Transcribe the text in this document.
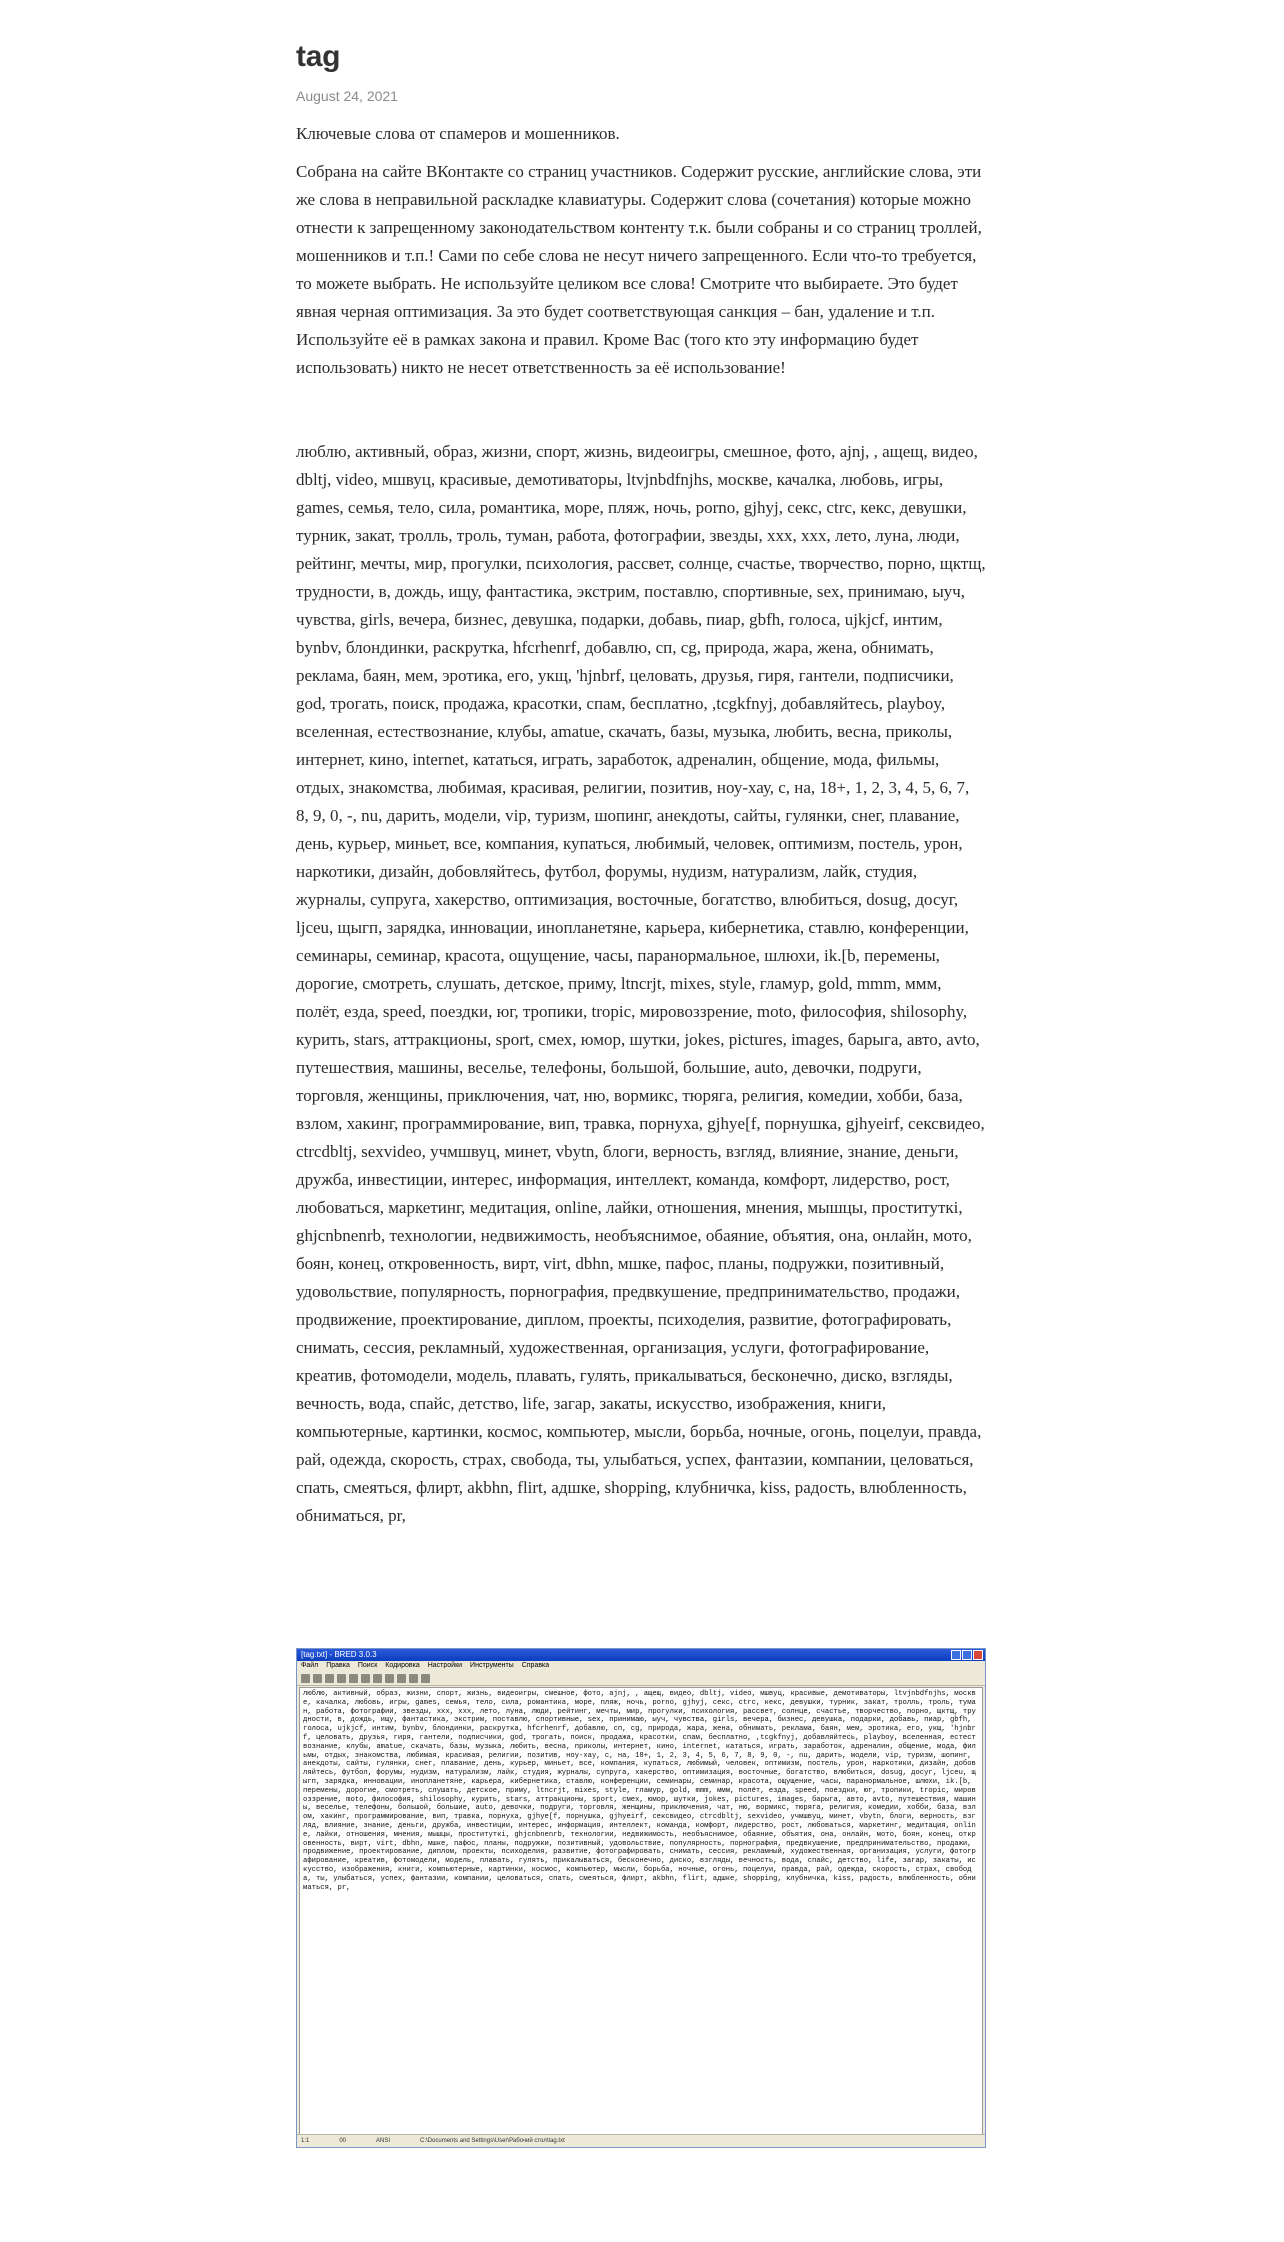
tag
August 24, 2021

Ключевые слова от спамеров и мошенников.

Собрана на сайте ВКонтакте со страниц участников. Содержит русские, английские слова, эти же слова в неправильной раскладке клавиатуры. Содержит слова (сочетания) которые можно отнести к запрещенному законодательством контенту т.к. были собраны и со страниц троллей, мошенников и т.п.! Сами по себе слова не несут ничего запрещенного. Если что-то требуется, то можете выбрать. Не используйте целиком все слова! Смотрите что выбираете. Это будет явная черная оптимизация. За это будет соответствующая санкция – бан, удаление и т.п. Используйте её в рамках закона и правил. Кроме Вас (того кто эту информацию будет использовать) никто не несет ответственность за её использование!

люблю, активный, образ, жизни, спорт, жизнь, видеоигры, смешное, фото, ajnj, , ащещ, видео, dbltj, video, мшвуц, красивые, демотиваторы, ltvjnbdfnjhs, москве, качалка, любовь, игры, games, семья, тело, сила, романтика, море, пляж, ночь, porno, gjhyj, секс, ctrc, кекс, девушки, турник, закат, тролль, троль, туман, работа, фотографии, звезды, xxx, ххх, лето, луна, люди, рейтинг, мечты, мир, прогулки, психология, рассвет, солнце, счастье, творчество, порно, щктщ, трудности, в, дождь, ищу, фантастика, экстрим, поставлю, спортивные, sex, принимаю, ыуч, чувства, girls, вечера, бизнес, девушка, подарки, добавь, пиар, gbfh, голоса, ujkjcf, интим, bynbv, блондинки, раскрутка, hfcrhenrf, добавлю, сп, cg, природа, жара, жена, обнимать, реклама, баян, мем, эротика, его, укщ, 'hjnbrf, целовать, друзья, гиря, гантели, подписчики, god, трогать, поиск, продажа, красотки, спам, бесплатно, ,tcgkfnyj, добавляйтесь, playboy, вселенная, естествознание, клубы, amatue, скачать, базы, музыка, любить, весна, приколы, интернет, кино, internet, кататься, играть, заработок, адреналин, общение, мода, фильмы, отдых, знакомства, любимая, красивая, религии, позитив, ноу-хау, с, на, 18+, 1, 2, 3, 4, 5, 6, 7, 8, 9, 0, -, nu, дарить, модели, vip, туризм, шопинг, анекдоты, сайты, гулянки, снег, плавание, день, курьер, миньет, все, компания, купаться, любимый, человек, оптимизм, постель, урон, наркотики, дизайн, добовляйтесь, футбол, форумы, нудизм, натурализм, лайк, студия, журналы, супруга, хакерство, оптимизация, восточные, богатство, влюбиться, dosug, досуг, ljceu, щыгп, зарядка, инновации, инопланетяне, карьера, кибернетика, ставлю, конференции, семинары, семинар, красота, ощущение, часы, паранормальное, шлюхи, ik.[b, перемены, дорогие, смотреть, слушать, детское, приму, ltncrjt, mixes, style, гламур, gold, mmm, ммм, полёт, езда, speed, поездки, юг, тропики, tropic, мировоззрение, moto, философия, shilosophy, курить, stars, аттракционы, sport, смех, юмор, шутки, jokes, pictures, images, барыга, авто, avto, путешествия, машины, веселье, телефоны, большой, большие, auto, девочки, подруги, торговля, женщины, приключения, чат, ню, вормикс, тюряга, религия, комедии, хобби, база, взлом, хакинг, программирование, вип, травка, порнуха, gjhye[f, порнушка, gjhyeirf, сексвидео, ctrcdbltj, sexvideo, учмшвуц, минет, vbytn, блоги, верность, взгляд, влияние, знание, деньги, дружба, инвестиции, интерес, информация, интеллект, команда, комфорт, лидерство, рост, любоваться, маркетинг, медитация, online, лайки, отношения, мнения, мышцы, проституткi, ghjcnbnenrb, технологии, недвижимость, необъяснимое, обаяние, объятия, она, онлайн, мото, боян, конец, откровенность, вирт, virt, dbhn, мшке, пафос, планы, подружки, позитивный, удовольствие, популярность, порнография, предвкушение, предпринимательство, продажи, продвижение, проектирование, диплом, проекты, психоделия, развитие, фотографировать, снимать, сессия, рекламный, художественная, организация, услуги, фотографирование, креатив, фотомодели, модель, плавать, гулять, прикалываться, бесконечно, диско, взгляды, вечность, вода, спайс, детство, life, загар, закаты, искусство, изображения, книги, компьютерные, картинки, космос, компьютер, мысли, борьба, ночные, огонь, поцелуи, правда, рай, одежда, скорость, страх, свобода, ты, улыбаться, успех, фантазии, компании, целоваться, спать, смеяться, флирт, akbhn, flirt, адшке, shopping, клубничка, kiss, радость, влюбленность, обниматься, pr,

[tag.txt] - BRED 3.0.3
Файл Правка Поиск Кодировка Настройки Инструменты Справка
люблю, активный, образ, жизни, спорт, жизнь, видеоигры, смешное, фото, ajnj, , ащещ, видео, dbltj, video, мшвуц, красивые, демотиваторы, ltvjnbdfnjhs, москве, качалка, любовь, игры, games, семья, тело, сила, романтика, море, пляж, ночь, porno, gjhyj, секс, ctrc, кекс, девушки, турник, закат, тролль, троль, туман, работа, фотографии, звезды, xxx, ххх, лето, луна, люди, рейтинг, мечты, мир, прогулки, психология, рассвет, солнце, счастье, творчество, порно, щктщ, трудности, в, дождь, ищу, фантастика, экстрим, поставлю, спортивные, sex, принимаю, ыуч, чувства, girls, вечера, бизнес, девушка, подарки, добавь, пиар, gbfh, голоса, ujkjcf, интим, bynbv, блондинки, раскрутка, hfcrhenrf, добавлю, сп, cg, природа, жара, жена, обнимать, реклама, баян, мем, эротика, его, укщ, 'hjnbrf, целовать, друзья, гиря, гантели, подписчики, god, трогать, поиск, продажа, красотки, спам, бесплатно, ,tcgkfnyj, добавляйтесь, playboy, вселенная, естествознание, клубы, amatue, скачать, базы, музыка, любить, весна, приколы, интернет, кино, internet, кататься, играть, заработок, адреналин, общение, мода, фильмы, отдых, знакомства, любимая, красивая, религии, позитив, ноу-хау, с, на, 18+, 1, 2, 3, 4, 5, 6, 7, 8, 9, 0, -, nu, дарить, модели, vip, туризм, шопинг, анекдоты, сайты, гулянки, снег, плавание, день, курьер, миньет, все, компания, купаться, любимый, человек, оптимизм, постель, урон, наркотики, дизайн, добовляйтесь, футбол, форумы, нудизм, натурализм, лайк, студия, журналы, супруга, хакерство, оптимизация, восточные, богатство, влюбиться, dosug, досуг, ljceu, щыгп, зарядка, инновации, инопланетяне, карьера, кибернетика, ставлю, конференции, семинары, семинар, красота, ощущение, часы, паранормальное, шлюхи, ik.[b, перемены, дорогие, смотреть, слушать, детское, приму, ltncrjt, mixes, style, гламур, gold, mmm, ммм, полёт, езда, speed, поездки, юг, тропики, tropic, мировоззрение, moto, философия, shilosophy, курить, stars, аттракционы, sport, смех, юмор, шутки, jokes, pictures, images, барыга, авто, avto, путешествия, машины, веселье, телефоны, большой, большие, auto, девочки, подруги, торговля, женщины, приключения, чат, ню, вормикс, тюряга, религия, комедии, хобби, база, взлом, хакинг, программирование, вип, травка, порнуха, gjhye[f, порнушка, gjhyeirf, сексвидео, ctrcdbltj, sexvideo, учмшвуц, минет, vbytn, блоги, верность, взгляд, влияние, знание, деньги, дружба, инвестиции, интерес, информация, интеллект, команда, комфорт, лидерство, рост, любоваться, маркетинг, медитация, online, лайки, отношения, мнения, мышцы, проституткi, ghjcnbnenrb, технологии, недвижимость, необъяснимое, обаяние, объятия, она, онлайн, мото, боян, конец, откровенность, вирт, virt, dbhn, мшке, пафос, планы, подружки, позитивный, удовольствие, популярность, порнография, предвкушение, предпринимательство, продажи, продвижение, проектирование, диплом, проекты, психоделия, развитие, фотографировать, снимать, сессия, рекламный, художественная, организация, услуги, фотографирование, креатив, фотомодели, модель, плавать, гулять, прикалываться, бесконечно, диско, взгляды, вечность, вода, спайс, детство, life, загар, закаты, искусство, изображения, книги, компьютерные, картинки, космос, компьютер, мысли, борьба, ночные, огонь, поцелуи, правда, рай, одежда, скорость, страх, свобода, ты, улыбаться, успех, фантазии, компании, целоваться, спать, смеяться, флирт, akbhn, flirt, адшке, shopping, клубничка, kiss, радость, влюбленность, обниматься, pr,
1:1	00	ANSI	C:\Documents and Settings\User\Рабочий стол\tag.txt
